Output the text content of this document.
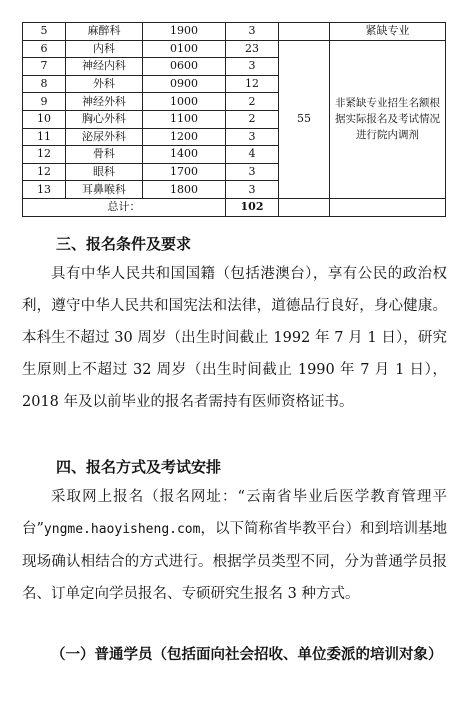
5	麻醉科	1900	3		紧缺专业
6	内科	0100	23	55	非紧缺专业招生名额根据实际报名及考试情况进行院内调剂
7	神经内科	0600	3		
8	外科	0900	12		
9	神经外科	1000	2		
10	胸心外科	1100	2		
11	泌尿外科	1200	3		
12	骨科	1400	4		
12	眼科	1700	3		
13	耳鼻喉科	1800	3		
总计：			102		
三、报名条件及要求

具有中华人民共和国国籍（包括港澳台），享有公民的政治权利，遵守中华人民共和国宪法和法律，道德品行良好，身心健康。本科生不超过 30 周岁（出生时间截止 1992 年 7 月 1 日），研究生原则上不超过 32 周岁（出生时间截止 1990 年 7 月 1 日），2018 年及以前毕业的报名者需持有医师资格证书。

四、报名方式及考试安排

采取网上报名（报名网址：“云南省毕业后医学教育管理平台”yngme.haoyisheng.com，以下简称省毕教平台）和到培训基地现场确认相结合的方式进行。根据学员类型不同，分为普通学员报名、订单定向学员报名、专硕研究生报名 3 种方式。

（一）普通学员（包括面向社会招收、单位委派的培训对象）
